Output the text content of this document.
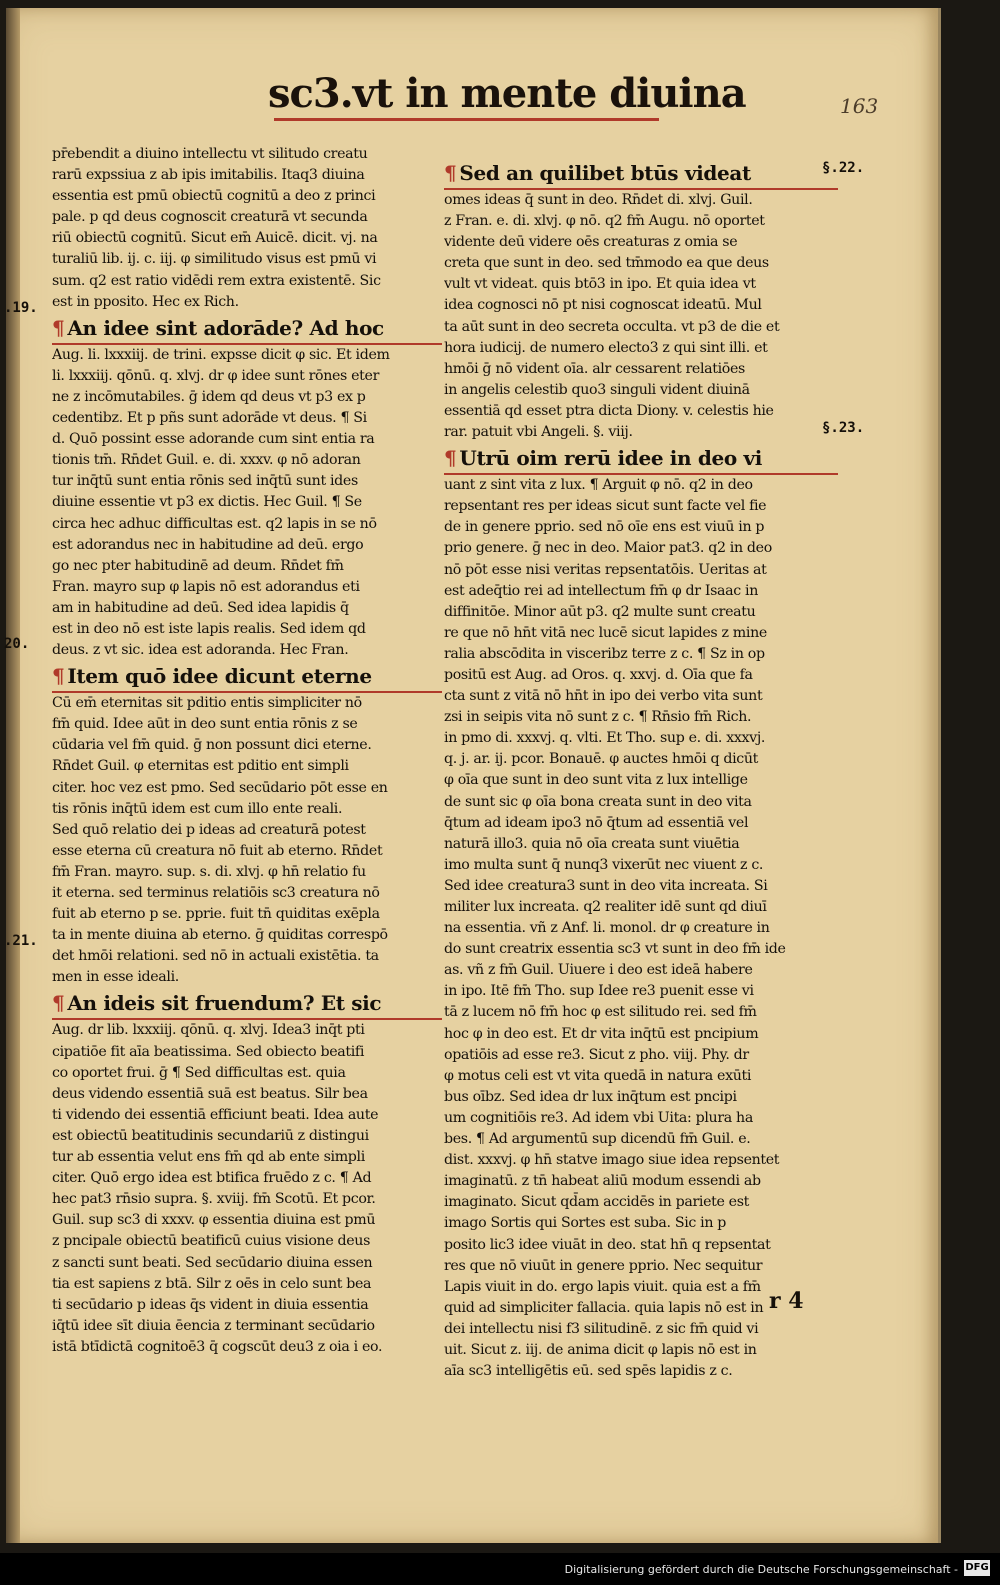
sc3.vt in mente diuina	163
.19.
20.
.21.
§.22.
§.23.
pr̄ebendit a diuino intellectu vt silitudo creatu
rarū expssiua z ab ipis imitabilis. Itaq3 diuina
essentia est pmū obiectū cognitū a deo z princi
pale. p qd deus cognoscit creaturā vt secunda
riū obiectū cognitū. Sicut em̄ Auicē. dicit. vj. na
turaliū lib. ij. c. iij. φ similitudo visus est pmū vi
sum. q2 est ratio vidēdi rem extra existentē. Sic
est in pposito. Hec ex Rich.
¶ An idee sint adorāde? Ad hoc
Aug. li. lxxxiij. de trini. expsse dicit φ sic. Et idem
li. lxxxiij. qōnū. q. xlvj. dr φ idee sunt rōnes eter
ne z incōmutabiles. ḡ idem qd deus vt p3 ex p
cedentibz. Et p pñs sunt adorāde vt deus. ¶ Si
d. Quō possint esse adorande cum sint entia ra
tionis tm̄. Rn̄det Guil. e. di. xxxv. φ nō adoran
tur inq̄tū sunt entia rōnis sed inq̄tū sunt ides
diuine essentie vt p3 ex dictis. Hec Guil. ¶ Se
circa hec adhuc difficultas est. q2 lapis in se nō
est adorandus nec in habitudine ad deū. ergo
go nec pter habitudinē ad deum. Rn̄det fm̄
Fran. mayro sup φ lapis nō est adorandus eti
am in habitudine ad deū. Sed idea lapidis q̄
est in deo nō est iste lapis realis. Sed idem qd
deus. z vt sic. idea est adoranda. Hec Fran.
¶ Item quō idee dicunt eterne
Cū em̄ eternitas sit pditio entis simpliciter nō
fm̄ quid. Idee aūt in deo sunt entia rōnis z se
cūdaria vel fm̄ quid. ḡ non possunt dici eterne.
Rn̄det Guil. φ eternitas est pditio ent simpli
citer. hoc vez est pmo. Sed secūdario pōt esse en
tis rōnis inq̄tū idem est cum illo ente reali.
Sed quō relatio dei p ideas ad creaturā potest
esse eterna cū creatura nō fuit ab eterno. Rn̄det
fm̄ Fran. mayro. sup. s. di. xlvj. φ hn̄ relatio fu
it eterna. sed terminus relatiōis sc3 creatura nō
fuit ab eterno p se. pprie. fuit tn̄ quiditas exēpla
ta in mente diuina ab eterno. ḡ quiditas correspō
det hmōi relationi. sed nō in actuali existētia. ta
men in esse ideali.
¶ An ideis sit fruendum? Et sic
Aug. dr lib. lxxxiij. qōnū. q. xlvj. Idea3 inq̄t pti
cipatiōe fit aīa beatissima. Sed obiecto beatifi
co oportet frui. ḡ ¶ Sed difficultas est. quia
deus videndo essentiā suā est beatus. Silr bea
ti videndo dei essentiā efficiunt beati. Idea aute
est obiectū beatitudinis secundariū z distingui
tur ab essentia velut ens fm̄ qd ab ente simpli
citer. Quō ergo idea est btifica fruēdo z c. ¶ Ad
hec pat3 rn̄sio supra. §. xviij. fm̄ Scotū. Et pcor.
Guil. sup sc3 di xxxv. φ essentia diuina est pmū
z pncipale obiectū beatificū cuius visione deus
z sancti sunt beati. Sed secūdario diuina essen
tia est sapiens z btā. Silr z oēs in celo sunt bea
ti secūdario p ideas q̄s vident in diuia essentia
iq̄tū idee sīt diuia ēencia z terminant secūdario
istā btīdictā cognitoē3 q̄ cogscūt deu3 z oia i eo.
¶ Sed an quilibet btūs videat
omes ideas q̄ sunt in deo. Rn̄det di. xlvj. Guil.
z Fran. e. di. xlvj. φ nō. q2 fm̄ Augu. nō oportet
vidente deū videre oēs creaturas z omia se
creta que sunt in deo. sed tm̄modo ea que deus
vult vt videat. quis btō3 in ipo. Et quia idea vt
idea cognosci nō pt nisi cognoscat ideatū. Mul
ta aūt sunt in deo secreta occulta. vt p3 de die et
hora iudicij. de numero electo3 z qui sint illi. et
hmōi ḡ nō vident oīa. alr cessarent relatiōes
in angelis celestib quo3 singuli vident diuinā
essentiā qd esset ptra dicta Diony. v. celestis hie
rar. patuit vbi Angeli. §. viij.
¶ Utrū oim rerū idee in deo vi
uant z sint vita z lux. ¶ Arguit φ nō. q2 in deo
repsentant res per ideas sicut sunt facte vel fie
de in genere pprio. sed nō oīe ens est viuū in p
prio genere. ḡ nec in deo. Maior pat3. q2 in deo
nō pōt esse nisi veritas repsentatōis. Ueritas at
est adeq̄tio rei ad intellectum fm̄ φ dr Isaac in
diffinitōe. Minor aūt p3. q2 multe sunt creatu
re que nō hn̄t vitā nec lucē sicut lapides z mine
ralia abscōdita in visceribz terre z c. ¶ Sz in op
positū est Aug. ad Oros. q. xxvj. d. Oīa que fa
cta sunt z vitā nō hn̄t in ipo dei verbo vita sunt
zsi in seipis vita nō sunt z c. ¶ Rn̄sio fm̄ Rich.
in pmo di. xxxvj. q. vlti. Et Tho. sup e. di. xxxvj.
q. j. ar. ij. pcor. Bonauē. φ auctes hmōi q dicūt
φ oīa que sunt in deo sunt vita z lux intellige
de sunt sic φ oīa bona creata sunt in deo vita
q̄tum ad ideam ipo3 nō q̄tum ad essentiā vel
naturā illo3. quia nō oīa creata sunt viuētia
imo multa sunt q̄ nunq3 vixerūt nec viuent z c.
Sed idee creatura3 sunt in deo vita increata. Si
militer lux increata. q2 realiter idē sunt qd diuī
na essentia. vñ z Anf. li. monol. dr φ creature in
do sunt creatrix essentia sc3 vt sunt in deo fm̄ ide
as. vñ z fm̄ Guil. Uiuere i deo est ideā habere
in ipo. Itē fm̄ Tho. sup Idee re3 puenit esse vi
tā z lucem nō fm̄ hoc φ est silitudo rei. sed fm̄
hoc φ in deo est. Et dr vita inq̄tū est pncipium
opatiōis ad esse re3. Sicut z pho. viij. Phy. dr
φ motus celi est vt vita quedā in natura exūti
bus oībz. Sed idea dr lux inq̄tum est pncipi
um cognitiōis re3. Ad idem vbi Uita: plura ha
bes. ¶ Ad argumentū sup dicendū fm̄ Guil. e.
dist. xxxvj. φ hn̄ statve imago siue idea repsentet
imaginatū. z tn̄ habeat aliū modum essendi ab
imaginato. Sicut qd̄am accidēs in pariete est
imago Sortis qui Sortes est suba. Sic in p
posito lic3 idee viuāt in deo. stat hn̄ q repsentat
res que nō viuūt in genere pprio. Nec sequitur
Lapis viuit in do. ergo lapis viuit. quia est a fm̄
quid ad simpliciter fallacia. quia lapis nō est in
dei intellectu nisi f3 silitudinē. z sic fm̄ quid vi
uit. Sicut z. iij. de anima dicit φ lapis nō est in
aīa sc3 intelligētis eū. sed spēs lapidis z c.
r 4
Digitalisierung gefördert durch die Deutsche Forschungsgemeinschaft - DFG
